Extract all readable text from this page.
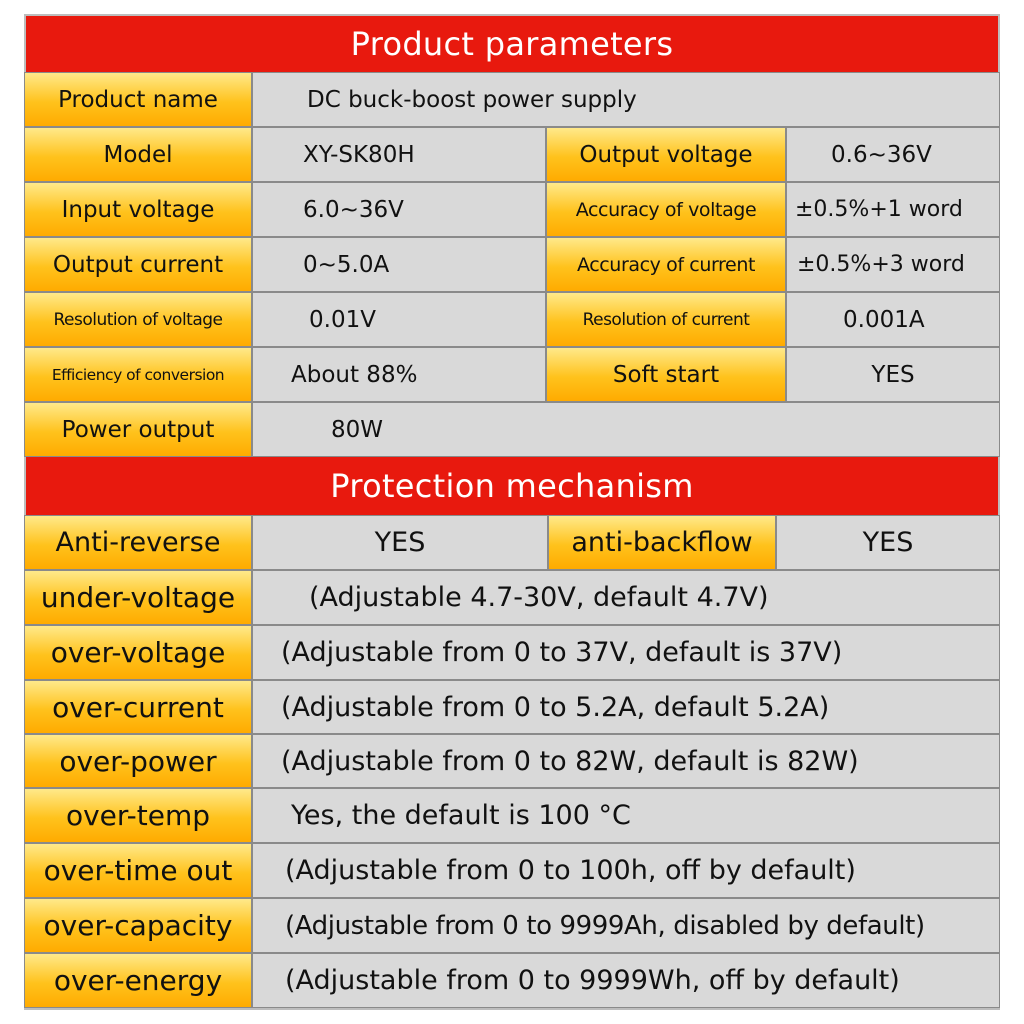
Product parameters
Product name	DC buck-boost power supply
Model	XY-SK80H	Output voltage	0.6~36V
Input voltage	6.0~36V	Accuracy of voltage	±0.5%+1 word
Output current	0~5.0A	Accuracy of current	±0.5%+3 word
Resolution of voltage	0.01V	Resolution of current	0.001A
Efficiency of conversion	About 88%	Soft start	YES
Power output	80W
Protection mechanism
Anti-reverse	YES	anti-backflow	YES
under-voltage	(Adjustable 4.7-30V, default 4.7V)
over-voltage	(Adjustable from 0 to 37V, default is 37V)
over-current	(Adjustable from 0 to 5.2A, default 5.2A)
over-power	(Adjustable from 0 to 82W, default is 82W)
over-temp	Yes, the default is 100 °C
over-time out	(Adjustable from 0 to 100h, off by default)
over-capacity	(Adjustable from 0 to 9999Ah, disabled by default)
over-energy	(Adjustable from 0 to 9999Wh, off by default)
